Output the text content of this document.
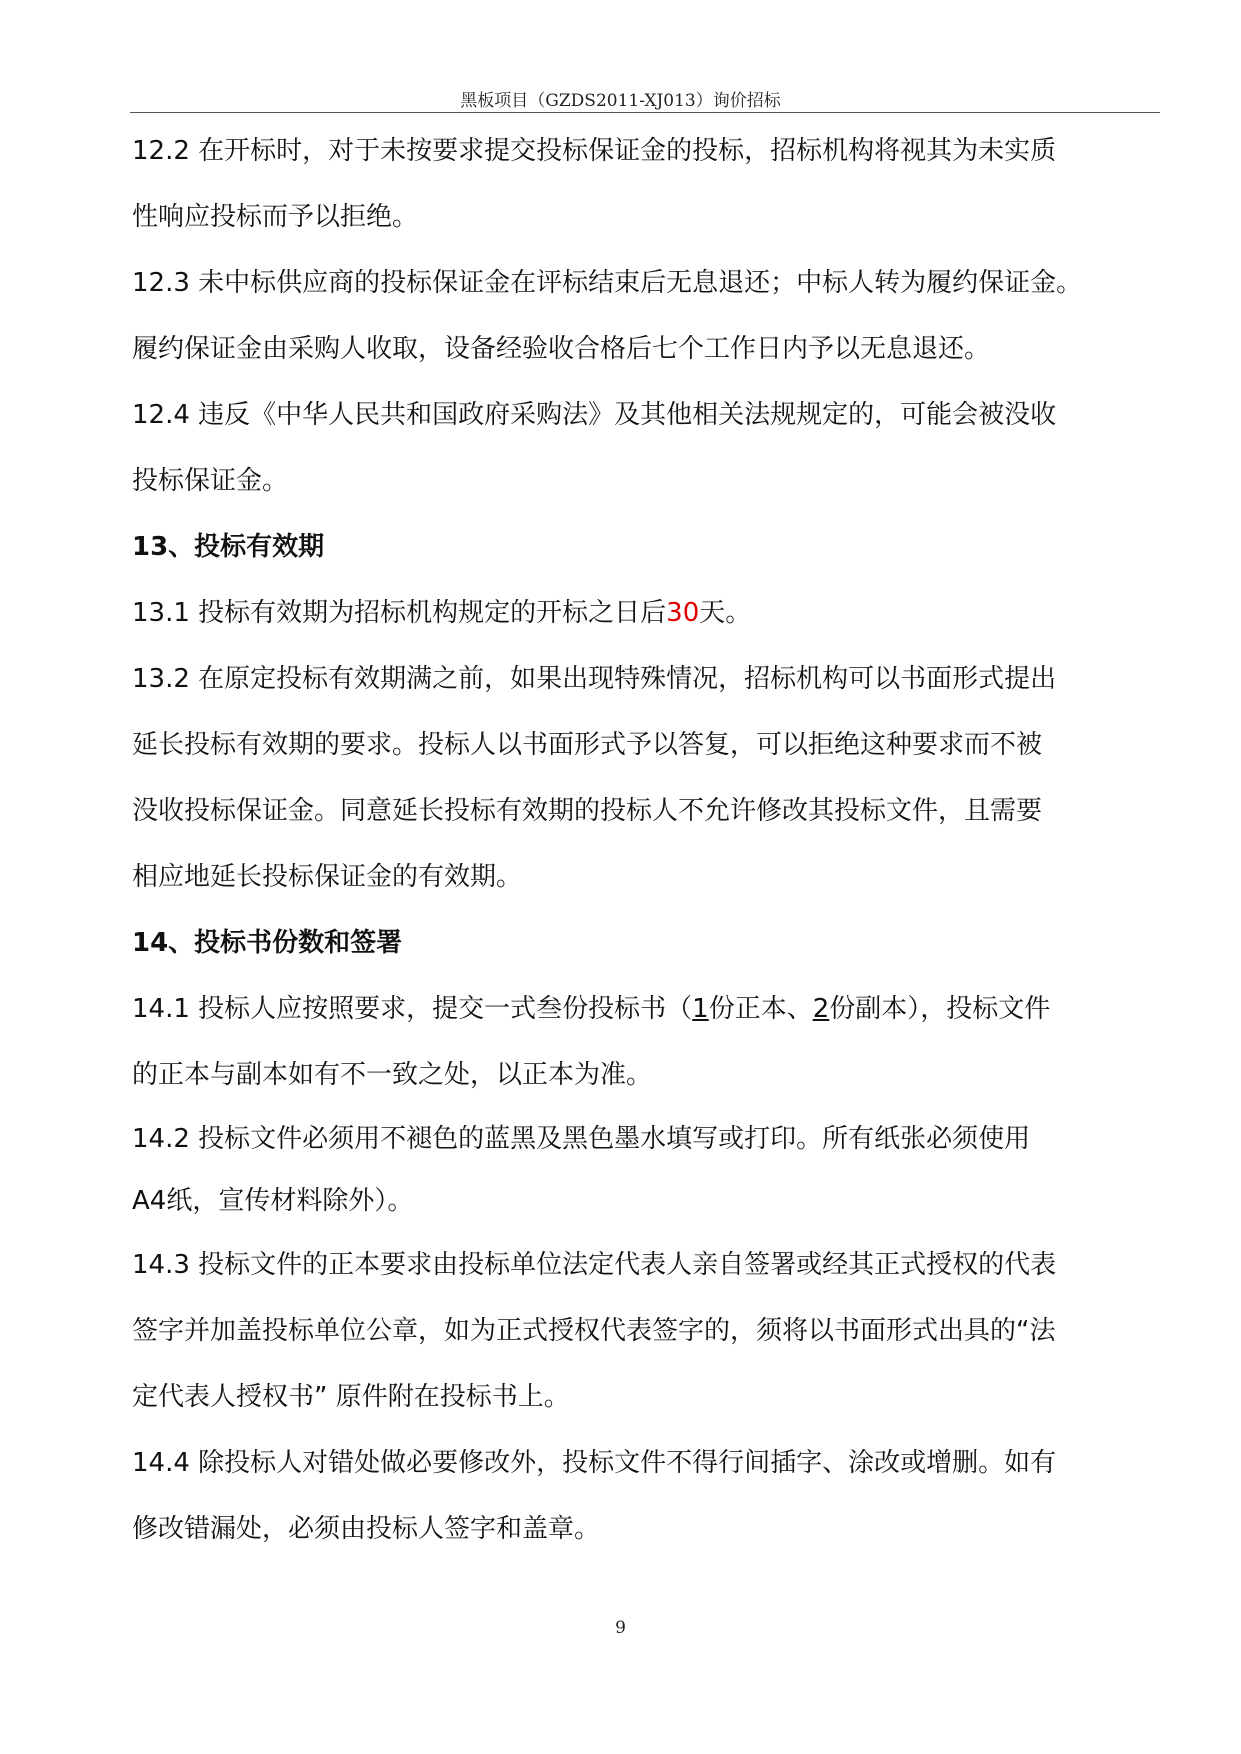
黑板项目（GZDS2011-XJ013）询价招标
12.2 在开标时，对于未按要求提交投标保证金的投标，招标机构将视其为未实质
性响应投标而予以拒绝。
12.3 未中标供应商的投标保证金在评标结束后无息退还；中标人转为履约保证金。
履约保证金由采购人收取，设备经验收合格后七个工作日内予以无息退还。
12.4 违反《中华人民共和国政府采购法》及其他相关法规规定的，可能会被没收
投标保证金。
13、投标有效期
13.1 投标有效期为招标机构规定的开标之日后30天。
13.2 在原定投标有效期满之前，如果出现特殊情况，招标机构可以书面形式提出
延长投标有效期的要求。投标人以书面形式予以答复，可以拒绝这种要求而不被
没收投标保证金。同意延长投标有效期的投标人不允许修改其投标文件，且需要
相应地延长投标保证金的有效期。
14、投标书份数和签署
14.1 投标人应按照要求，提交一式叁份投标书（1份正本、2份副本），投标文件
的正本与副本如有不一致之处，以正本为准。
14.2 投标文件必须用不褪色的蓝黑及黑色墨水填写或打印。所有纸张必须使用
A4纸，宣传材料除外）。
14.3 投标文件的正本要求由投标单位法定代表人亲自签署或经其正式授权的代表
签字并加盖投标单位公章，如为正式授权代表签字的，须将以书面形式出具的“法
定代表人授权书” 原件附在投标书上。
14.4 除投标人对错处做必要修改外，投标文件不得行间插字、涂改或增删。如有
修改错漏处，必须由投标人签字和盖章。
9
